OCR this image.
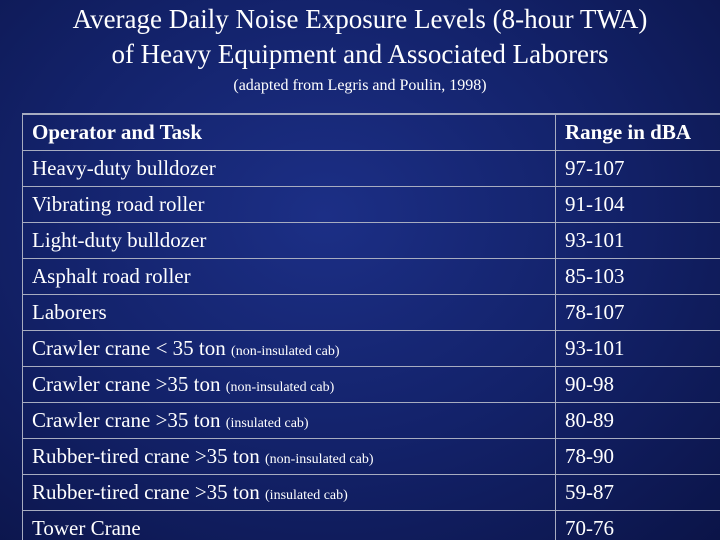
Average Daily Noise Exposure Levels (8-hour TWA)
of Heavy Equipment and Associated Laborers
(adapted from Legris and Poulin, 1998)
Operator and Task	Range in dBA
Heavy-duty bulldozer	97-107
Vibrating road roller	91-104
Light-duty bulldozer	93-101
Asphalt road roller	85-103
Laborers	78-107
Crawler crane < 35 ton (non-insulated cab)	93-101
Crawler crane >35 ton (non-insulated cab)	90-98
Crawler crane >35 ton (insulated cab)	80-89
Rubber-tired crane >35 ton (non-insulated cab)	78-90
Rubber-tired crane >35 ton (insulated cab)	59-87
Tower Crane	70-76
